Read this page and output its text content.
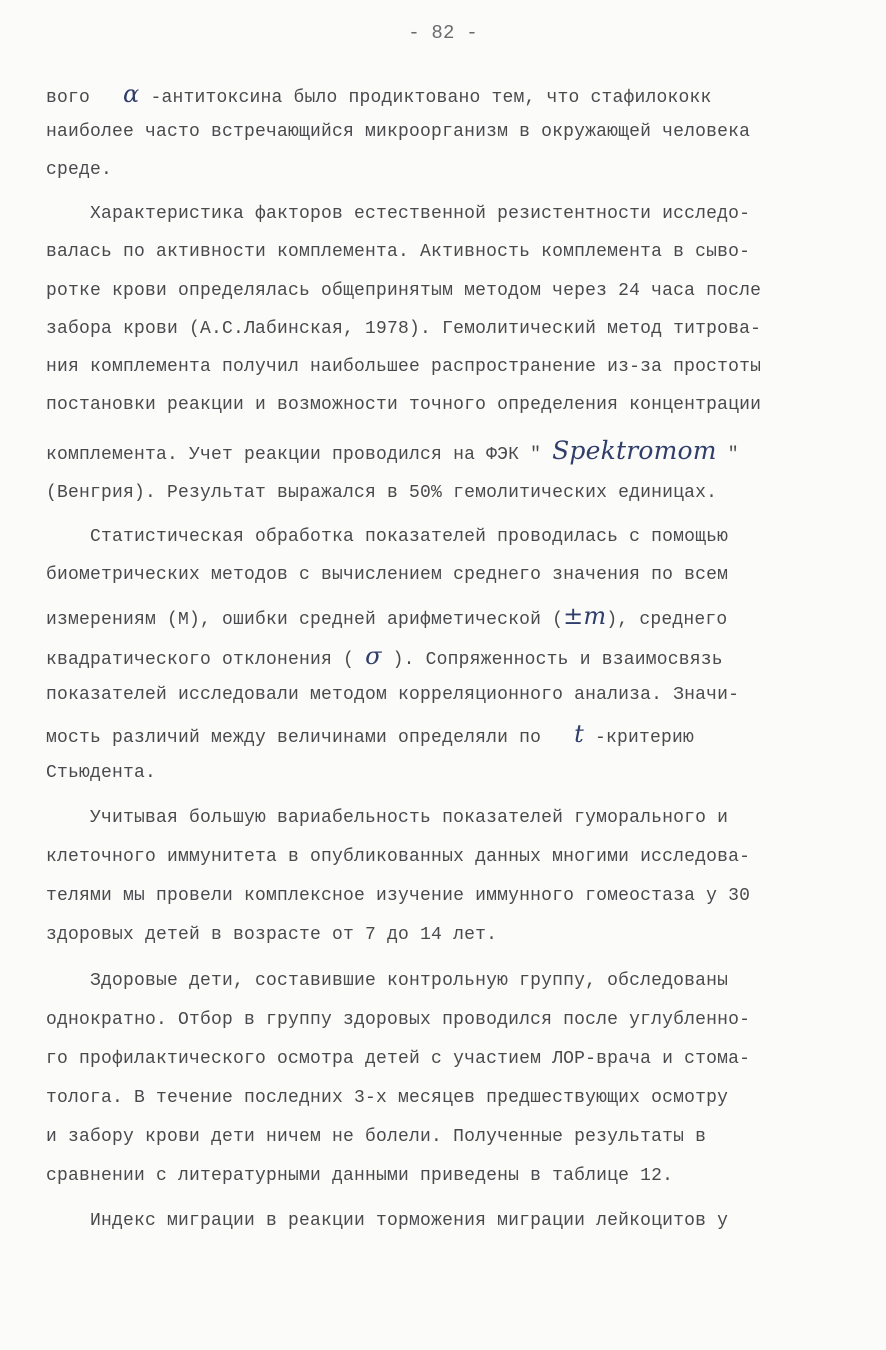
- 82 -
вого   α -антитоксина было продиктовано тем, что стафилококк
наиболее часто встречающийся микроорганизм в окружающей человека
среде.
Характеристика факторов естественной резистентности исследо-
валась по активности комплемента. Активность комплемента в сыво-
ротке крови определялась общепринятым методом через 24 часа после
забора крови (А.С.Лабинская, 1978). Гемолитический метод титрова-
ния комплемента получил наибольшее распространение из-за простоты
постановки реакции и возможности точного определения концентрации
комплемента. Учет реакции проводился на ФЭК " Spektromom "
(Венгрия). Результат выражался в 50% гемолитических единицах.
Статистическая обработка показателей проводилась с помощью
биометрических методов с вычислением среднего значения по всем
измерениям (М), ошибки средней арифметической (±m), среднего
квадратического отклонения ( σ ). Сопряженность и взаимосвязь
показателей исследовали методом корреляционного анализа. Значи-
мость различий между величинами определяли по   t -критерию
Стьюдента.
Учитывая большую вариабельность показателей гуморального и
клеточного иммунитета в опубликованных данных многими исследова-
телями мы провели комплексное изучение иммунного гомеостаза у 30
здоровых детей в возрасте от 7 до 14 лет.
Здоровые дети, составившие контрольную группу, обследованы
однократно. Отбор в группу здоровых проводился после углубленно-
го профилактического осмотра детей с участием ЛОР-врача и стома-
толога. В течение последних 3-х месяцев предшествующих осмотру
и забору крови дети ничем не болели. Полученные результаты в
сравнении с литературными данными приведены в таблице 12.
Индекс миграции в реакции торможения миграции лейкоцитов у
